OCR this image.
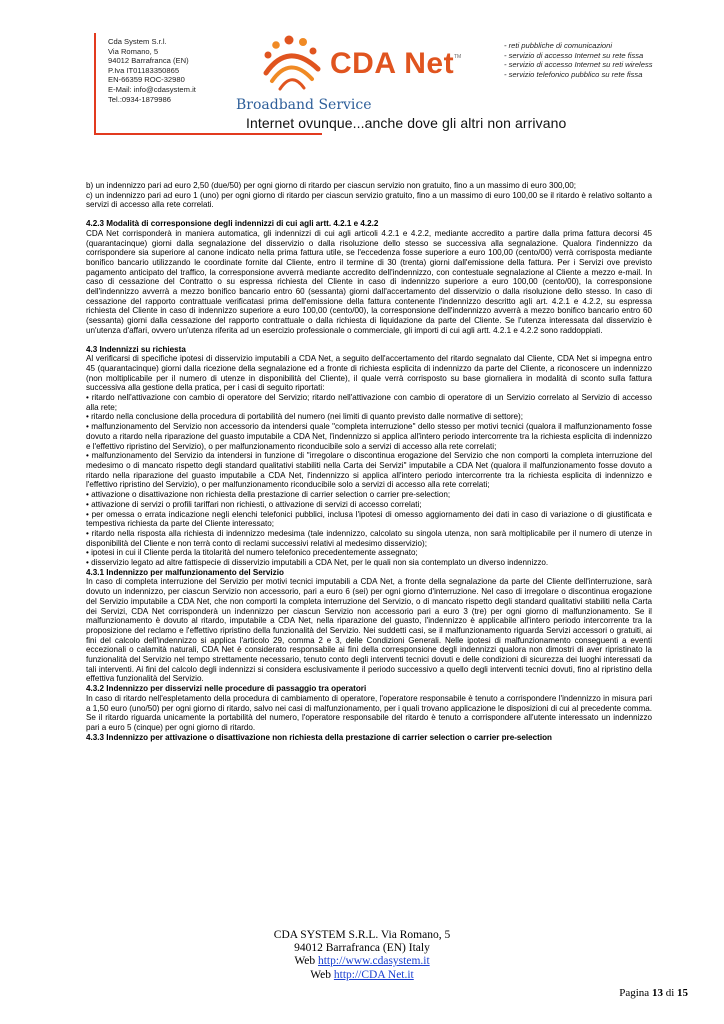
Cda System S.r.l.
Via Romano, 5
94012 Barrafranca (EN)
P.Iva IT01183350865
EN-66359 ROC-32980
E-Mail: info@cdasystem.it
Tel.:0934-1879986
CDA Net TM
Broadband Service
Internet ovunque...anche dove gli altri non arrivano
- reti pubbliche di comunicazioni
- servizio di accesso Internet su rete fissa
- servizio di accesso Internet su reti wireless
- servizio telefonico pubblico su rete fissa

b) un indennizzo pari ad euro 2,50 (due/50) per ogni giorno di ritardo per ciascun servizio non gratuito, fino a un massimo di euro 300,00;

c) un indennizzo pari ad euro 1 (uno) per ogni giorno di ritardo per ciascun servizio gratuito, fino a un massimo di euro 100,00 se il ritardo è relativo soltanto a servizi di accesso alla rete correlati.

4.2.3 Modalità di corresponsione degli indennizzi di cui agli artt. 4.2.1 e 4.2.2

CDA Net corrisponderà in maniera automatica, gli indennizzi di cui agli articoli 4.2.1 e 4.2.2, mediante accredito a partire dalla prima fattura decorsi 45 (quarantacinque) giorni dalla segnalazione del disservizio o dalla risoluzione dello stesso se successiva alla segnalazione. Qualora l'indennizzo da corrispondere sia superiore al canone indicato nella prima fattura utile, se l'eccedenza fosse superiore a euro 100,00 (cento/00) verrà corrisposta mediante bonifico bancario utilizzando le coordinate fornite dal Cliente, entro il termine di 30 (trenta) giorni dall'emissione della fattura. Per i Servizi ove previsto pagamento anticipato del traffico, la corresponsione avverrà mediante accredito dell'indennizzo, con contestuale segnalazione al Cliente a mezzo e-mail. In caso di cessazione del Contratto o su espressa richiesta del Cliente in caso di indennizzo superiore a euro 100,00 (cento/00), la corresponsione dell'indennizzo avverrà a mezzo bonifico bancario entro 60 (sessanta) giorni dall'accertamento del disservizio o dalla risoluzione dello stesso. In caso di cessazione del rapporto contrattuale verificatasi prima dell'emissione della fattura contenente l'indennizzo descritto agli art. 4.2.1 e 4.2.2, su espressa richiesta del Cliente in caso di indennizzo superiore a euro 100,00 (cento/00), la corresponsione dell'indennizzo avverrà a mezzo bonifico bancario entro 60 (sessanta) giorni dalla cessazione del rapporto contrattuale o dalla richiesta di liquidazione da parte del Cliente. Se l'utenza interessata dal disservizio è un'utenza d'affari, ovvero un'utenza riferita ad un esercizio professionale o commerciale, gli importi di cui agli artt. 4.2.1 e 4.2.2 sono raddoppiati.

4.3 Indennizzi su richiesta

Al verificarsi di specifiche ipotesi di disservizio imputabili a CDA Net, a seguito dell'accertamento del ritardo segnalato dal Cliente, CDA Net si impegna entro 45 (quarantacinque) giorni dalla ricezione della segnalazione ed a fronte di richiesta esplicita di indennizzo da parte del Cliente, a riconoscere un indennizzo (non moltiplicabile per il numero di utenze in disponibilità del Cliente), il quale verrà corrisposto su base giornaliera in modalità di sconto sulla fattura successiva alla gestione della pratica, per i casi di seguito riportati:

• ritardo nell'attivazione con cambio di operatore del Servizio; ritardo nell'attivazione con cambio di operatore di un Servizio correlato al Servizio di accesso alla rete;

• ritardo nella conclusione della procedura di portabilità del numero (nei limiti di quanto previsto dalle normative di settore);

• malfunzionamento del Servizio non accessorio da intendersi quale "completa interruzione" dello stesso per motivi tecnici (qualora il malfunzionamento fosse dovuto a ritardo nella riparazione del guasto imputabile a CDA Net, l'indennizzo si applica all'intero periodo intercorrente tra la richiesta esplicita di indennizzo e l'effettivo ripristino del Servizio), o per malfunzionamento riconducibile solo a servizi di accesso alla rete correlati;

• malfunzionamento del Servizio da intendersi in funzione di "irregolare o discontinua erogazione del Servizio che non comporti la completa interruzione del medesimo o di mancato rispetto degli standard qualitativi stabiliti nella Carta dei Servizi" imputabile a CDA Net (qualora il malfunzionamento fosse dovuto a ritardo nella riparazione del guasto imputabile a CDA Net, l'indennizzo si applica all'intero periodo intercorrente tra la richiesta esplicita di indennizzo e l'effettivo ripristino del Servizio), o per malfunzionamento riconducibile solo a servizi di accesso alla rete correlati;

• attivazione o disattivazione non richiesta della prestazione di carrier selection o carrier pre-selection;

• attivazione di servizi o profili tariffari non richiesti, o attivazione di servizi di accesso correlati;

• per omessa o errata indicazione negli elenchi telefonici pubblici, inclusa l'ipotesi di omesso aggiornamento dei dati in caso di variazione o di giustificata e tempestiva richiesta da parte del Cliente interessato;

• ritardo nella risposta alla richiesta di indennizzo medesima (tale indennizzo, calcolato su singola utenza, non sarà moltiplicabile per il numero di utenze in disponibilità del Cliente e non terrà conto di reclami successivi relativi al medesimo disservizio);

• ipotesi in cui il Cliente perda la titolarità del numero telefonico precedentemente assegnato;

• disservizio legato ad altre fattispecie di disservizio imputabili a CDA Net, per le quali non sia contemplato un diverso indennizzo.

4.3.1 Indennizzo per malfunzionamento del Servizio

In caso di completa interruzione del Servizio per motivi tecnici imputabili a CDA Net, a fronte della segnalazione da parte del Cliente dell'interruzione, sarà dovuto un indennizzo, per ciascun Servizio non accessorio, pari a euro 6 (sei) per ogni giorno d'interruzione. Nel caso di irregolare o discontinua erogazione del Servizio imputabile a CDA Net, che non comporti la completa interruzione del Servizio, o di mancato rispetto degli standard qualitativi stabiliti nella Carta dei Servizi, CDA Net corrisponderà un indennizzo per ciascun Servizio non accessorio pari a euro 3 (tre) per ogni giorno di malfunzionamento. Se il malfunzionamento è dovuto al ritardo, imputabile a CDA Net, nella riparazione del guasto, l'indennizzo è applicabile all'intero periodo intercorrente tra la proposizione del reclamo e l'effettivo ripristino della funzionalità del Servizio. Nei suddetti casi, se il malfunzionamento riguarda Servizi accessori o gratuiti, ai fini del calcolo dell'indennizzo si applica l'articolo 29, comma 2 e 3, delle Condizioni Generali. Nelle ipotesi di malfunzionamento conseguenti a eventi eccezionali o calamità naturali, CDA Net è considerato responsabile ai fini della corresponsione degli indennizzi qualora non dimostri di aver ripristinato la funzionalità del Servizio nel tempo strettamente necessario, tenuto conto degli interventi tecnici dovuti e delle condizioni di sicurezza dei luoghi interessati da tali interventi. Ai fini del calcolo degli indennizzi si considera esclusivamente il periodo successivo a quello degli interventi tecnici dovuti, fino al ripristino della effettiva funzionalità del Servizio.

4.3.2 Indennizzo per disservizi nelle procedure di passaggio tra operatori

In caso di ritardo nell'espletamento della procedura di cambiamento di operatore, l'operatore responsabile è tenuto a corrispondere l'indennizzo in misura pari a 1,50 euro (uno/50) per ogni giorno di ritardo, salvo nei casi di malfunzionamento, per i quali trovano applicazione le disposizioni di cui al precedente comma. Se il ritardo riguarda unicamente la portabilità del numero, l'operatore responsabile del ritardo è tenuto a corrispondere all'utente interessato un indennizzo pari a euro 5 (cinque) per ogni giorno di ritardo.

4.3.3 Indennizzo per attivazione o disattivazione non richiesta della prestazione di carrier selection o carrier pre-selection

CDA SYSTEM S.R.L. Via Romano, 5
94012 Barrafranca (EN) Italy
Web http://www.cdasystem.it
Web http://CDA Net.it
Pagina 13 di 15
